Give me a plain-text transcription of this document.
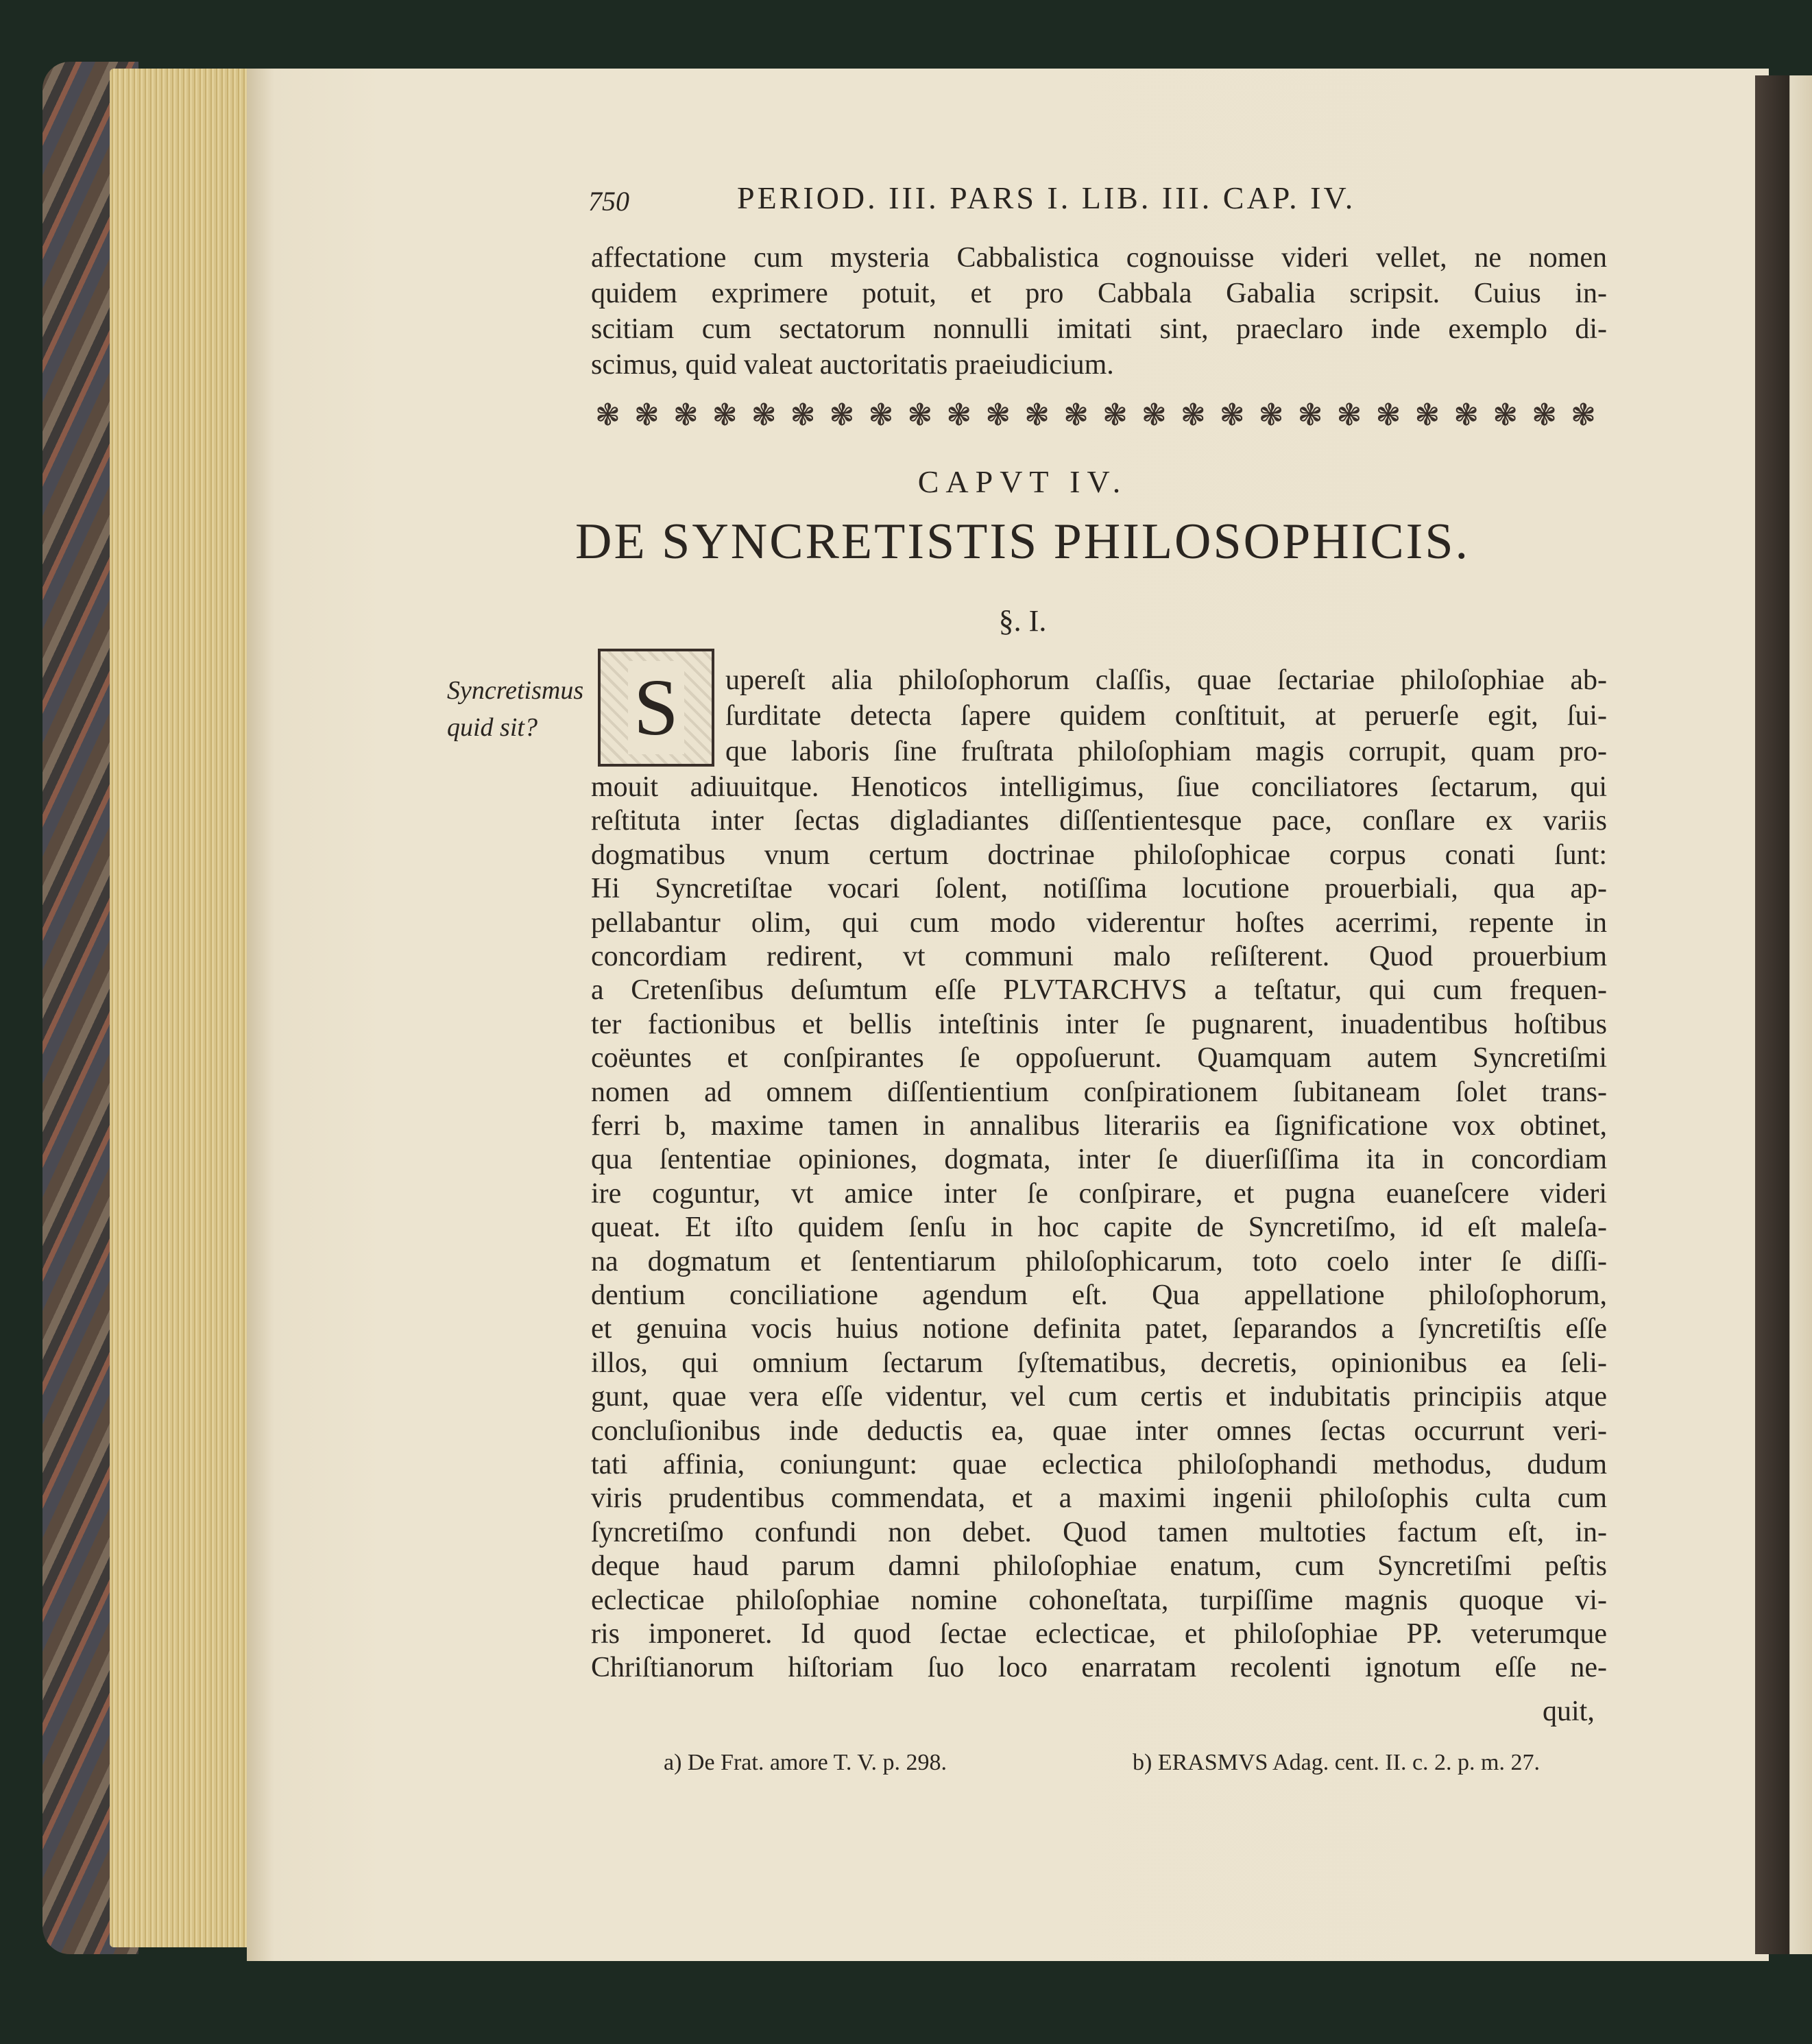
750	PERIOD. III. PARS I. LIB. III. CAP. IV.
affectatione cum mysteria Cabbalistica cognouisse videri vellet, ne nomen
quidem exprimere potuit, et pro Cabbala Gabalia scripsit. Cuius in-
scitiam cum sectatorum nonnulli imitati sint, praeclaro inde exemplo di-
scimus, quid valeat auctoritatis praeiudicium.
❃ ❃ ❃ ❃ ❃ ❃ ❃ ❃ ❃ ❃ ❃ ❃ ❃ ❃ ❃ ❃ ❃ ❃ ❃ ❃ ❃ ❃ ❃ ❃ ❃ ❃
CAPVT IV.
DE SYNCRETISTIS PHILOSOPHICIS.
§. I.
Syncretismus quid sit?	S upereſt alia philoſophorum claſſis, quae ſectariae philoſophiae ab-
ſurditate detecta ſapere quidem conſtituit, at peruerſe egit, ſui-
que laboris ſine fruſtrata philoſophiam magis corrupit, quam pro-
mouit adiuuitque. Henoticos intelligimus, ſiue conciliatores ſectarum, qui
reſtituta inter ſectas digladiantes diſſentientesque pace, conſlare ex variis
dogmatibus vnum certum doctrinae philoſophicae corpus conati ſunt:
Hi Syncretiſtae vocari ſolent, notiſſima locutione prouerbiali, qua ap-
pellabantur olim, qui cum modo viderentur hoſtes acerrimi, repente in
concordiam redirent, vt communi malo reſiſterent. Quod prouerbium
a Cretenſibus deſumtum eſſe PLVTARCHVS a teſtatur, qui cum frequen-
ter factionibus et bellis inteſtinis inter ſe pugnarent, inuadentibus hoſtibus
coëuntes et conſpirantes ſe oppoſuerunt. Quamquam autem Syncretiſmi
nomen ad omnem diſſentientium conſpirationem ſubitaneam ſolet trans-
ferri b, maxime tamen in annalibus literariis ea ſignificatione vox obtinet,
qua ſententiae opiniones, dogmata, inter ſe diuerſiſſima ita in concordiam
ire coguntur, vt amice inter ſe conſpirare, et pugna euaneſcere videri
queat. Et iſto quidem ſenſu in hoc capite de Syncretiſmo, id eſt maleſa-
na dogmatum et ſententiarum philoſophicarum, toto coelo inter ſe diſſi-
dentium conciliatione agendum eſt. Qua appellatione philoſophorum,
et genuina vocis huius notione definita patet, ſeparandos a ſyncretiſtis eſſe
illos, qui omnium ſectarum ſyſtematibus, decretis, opinionibus ea ſeli-
gunt, quae vera eſſe videntur, vel cum certis et indubitatis principiis atque
concluſionibus inde deductis ea, quae inter omnes ſectas occurrunt veri-
tati affinia, coniungunt: quae eclectica philoſophandi methodus, dudum
viris prudentibus commendata, et a maximi ingenii philoſophis culta cum
ſyncretiſmo confundi non debet. Quod tamen multoties factum eſt, in-
deque haud parum damni philoſophiae enatum, cum Syncretiſmi peſtis
eclecticae philoſophiae nomine cohoneſtata, turpiſſime magnis quoque vi-
ris imponeret. Id quod ſectae eclecticae, et philoſophiae PP. veterumque
Chriſtianorum hiſtoriam ſuo loco enarratam recolenti ignotum eſſe ne-
quit,
a) De Frat. amore T. V. p. 298.	b) ERASMVS Adag. cent. II. c. 2. p. m. 27.
